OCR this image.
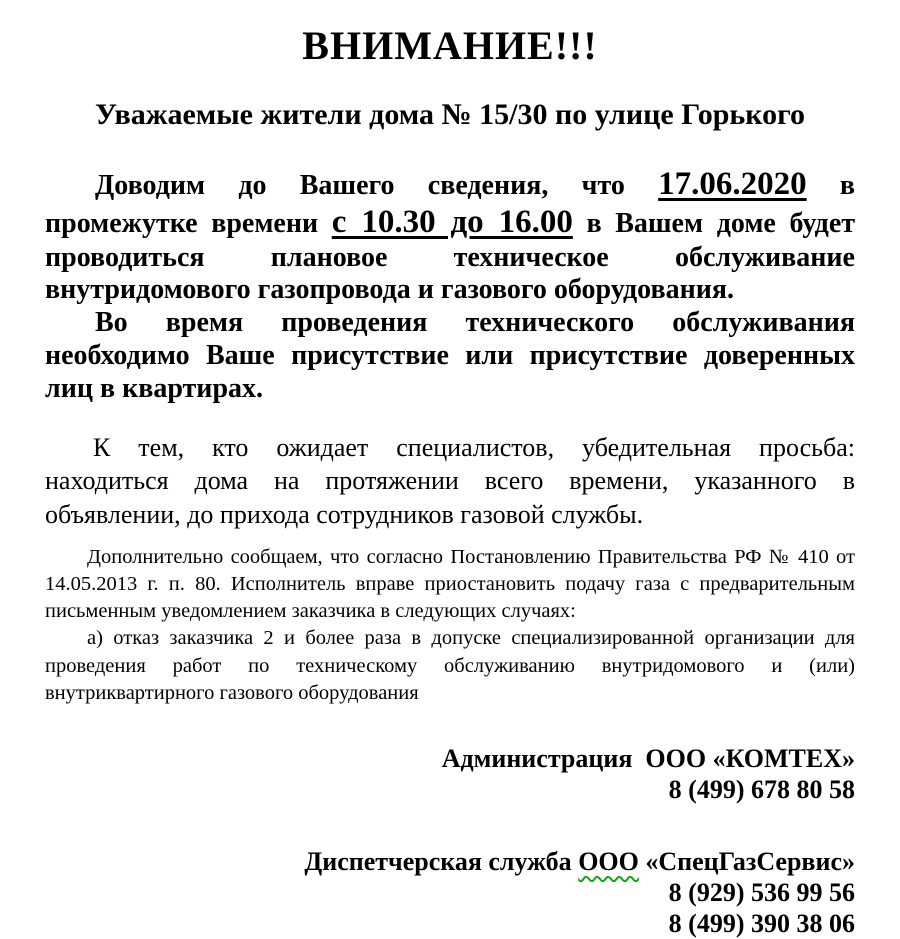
ВНИМАНИЕ!!!

Уважаемые жители дома № 15/30 по улице Горького

Доводим до Вашего сведения, что 17.06.2020 в промежутке времени с 10.30 до 16.00 в Вашем доме будет проводиться плановое техническое обслуживание внутридомового газопровода и газового оборудования.

Во время проведения технического обслуживания необходимо Ваше присутствие или присутствие доверенных лиц в квартирах.

К тем, кто ожидает специалистов, убедительная просьба: находиться дома на протяжении всего времени, указанного в объявлении, до прихода сотрудников газовой службы.

Дополнительно сообщаем, что согласно Постановлению Правительства РФ № 410 от 14.05.2013 г. п. 80. Исполнитель вправе приостановить подачу газа с предварительным письменным уведомлением заказчика в следующих случаях:

а) отказ заказчика 2 и более раза в допуске специализированной организации для проведения работ по техническому обслуживанию внутридомового и (или) внутриквартирного газового оборудования

Администрация  ООО «КОМТЕХ»

8 (499) 678 80 58

Диспетчерская служба ООО «СпецГазСервис»

8 (929) 536 99 56

8 (499) 390 38 06
